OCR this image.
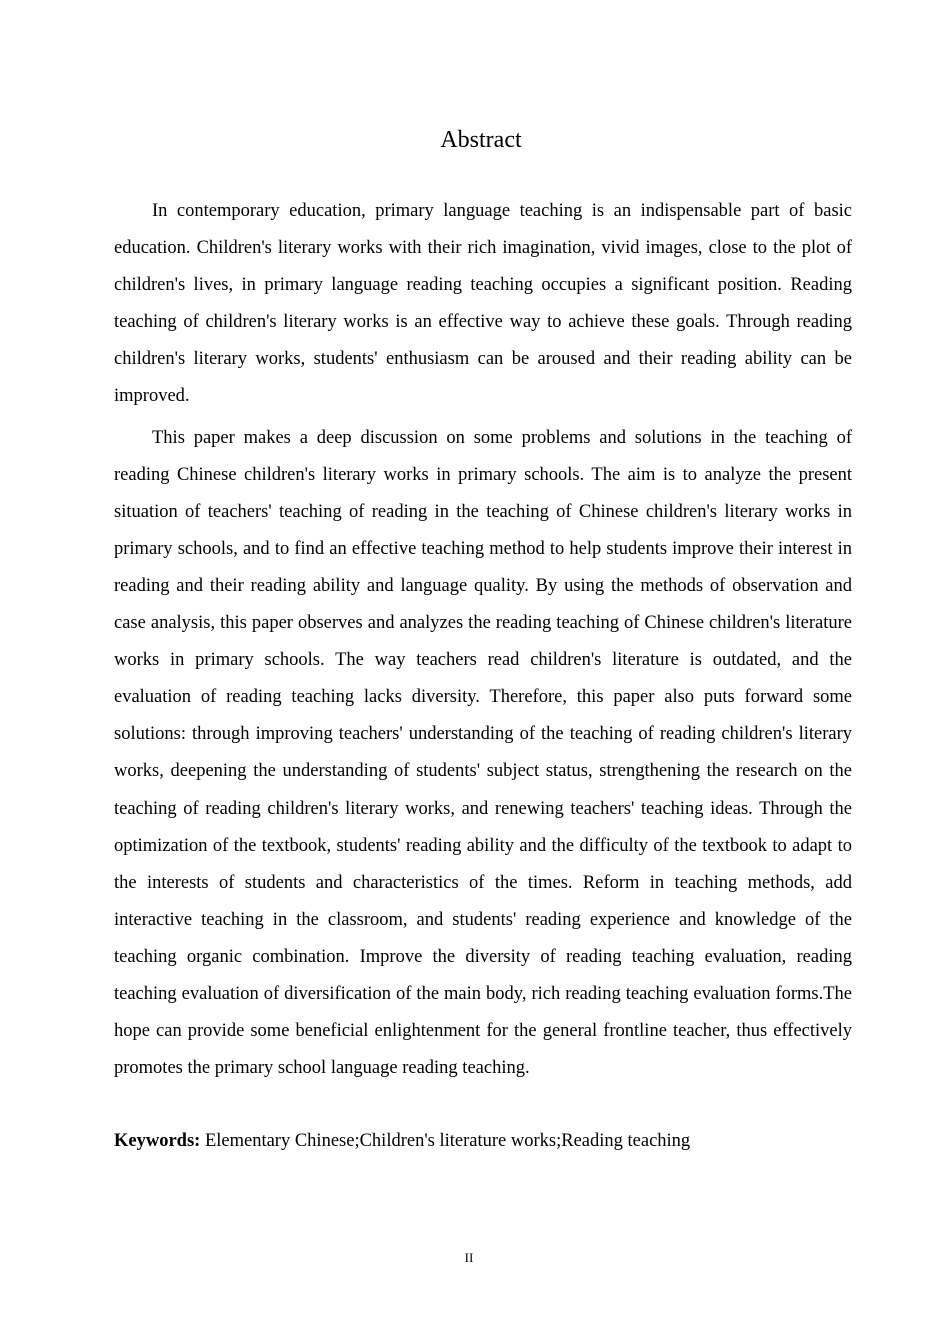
Abstract

In contemporary education, primary language teaching is an indispensable part of basic education. Children's literary works with their rich imagination, vivid images, close to the plot of children's lives, in primary language reading teaching occupies a significant position. Reading teaching of children's literary works is an effective way to achieve these goals. Through reading children's literary works, students' enthusiasm can be aroused and their reading ability can be improved.

This paper makes a deep discussion on some problems and solutions in the teaching of reading Chinese children's literary works in primary schools. The aim is to analyze the present situation of teachers' teaching of reading in the teaching of Chinese children's literary works in primary schools, and to find an effective teaching method to help students improve their interest in reading and their reading ability and language quality. By using the methods of observation and case analysis, this paper observes and analyzes the reading teaching of Chinese children's literature works in primary schools. The way teachers read children's literature is outdated, and the evaluation of reading teaching lacks diversity. Therefore, this paper also puts forward some solutions: through improving teachers' understanding of the teaching of reading children's literary works, deepening the understanding of students' subject status, strengthening the research on the teaching of reading children's literary works, and renewing teachers' teaching ideas. Through the optimization of the textbook, students' reading ability and the difficulty of the textbook to adapt to the interests of students and characteristics of the times. Reform in teaching methods, add interactive teaching in the classroom, and students' reading experience and knowledge of the teaching organic combination. Improve the diversity of reading teaching evaluation, reading teaching evaluation of diversification of the main body, rich reading teaching evaluation forms.The hope can provide some beneficial enlightenment for the general frontline teacher, thus effectively promotes the primary school language reading teaching.

Keywords: Elementary Chinese;Children's literature works;Reading teaching

II
